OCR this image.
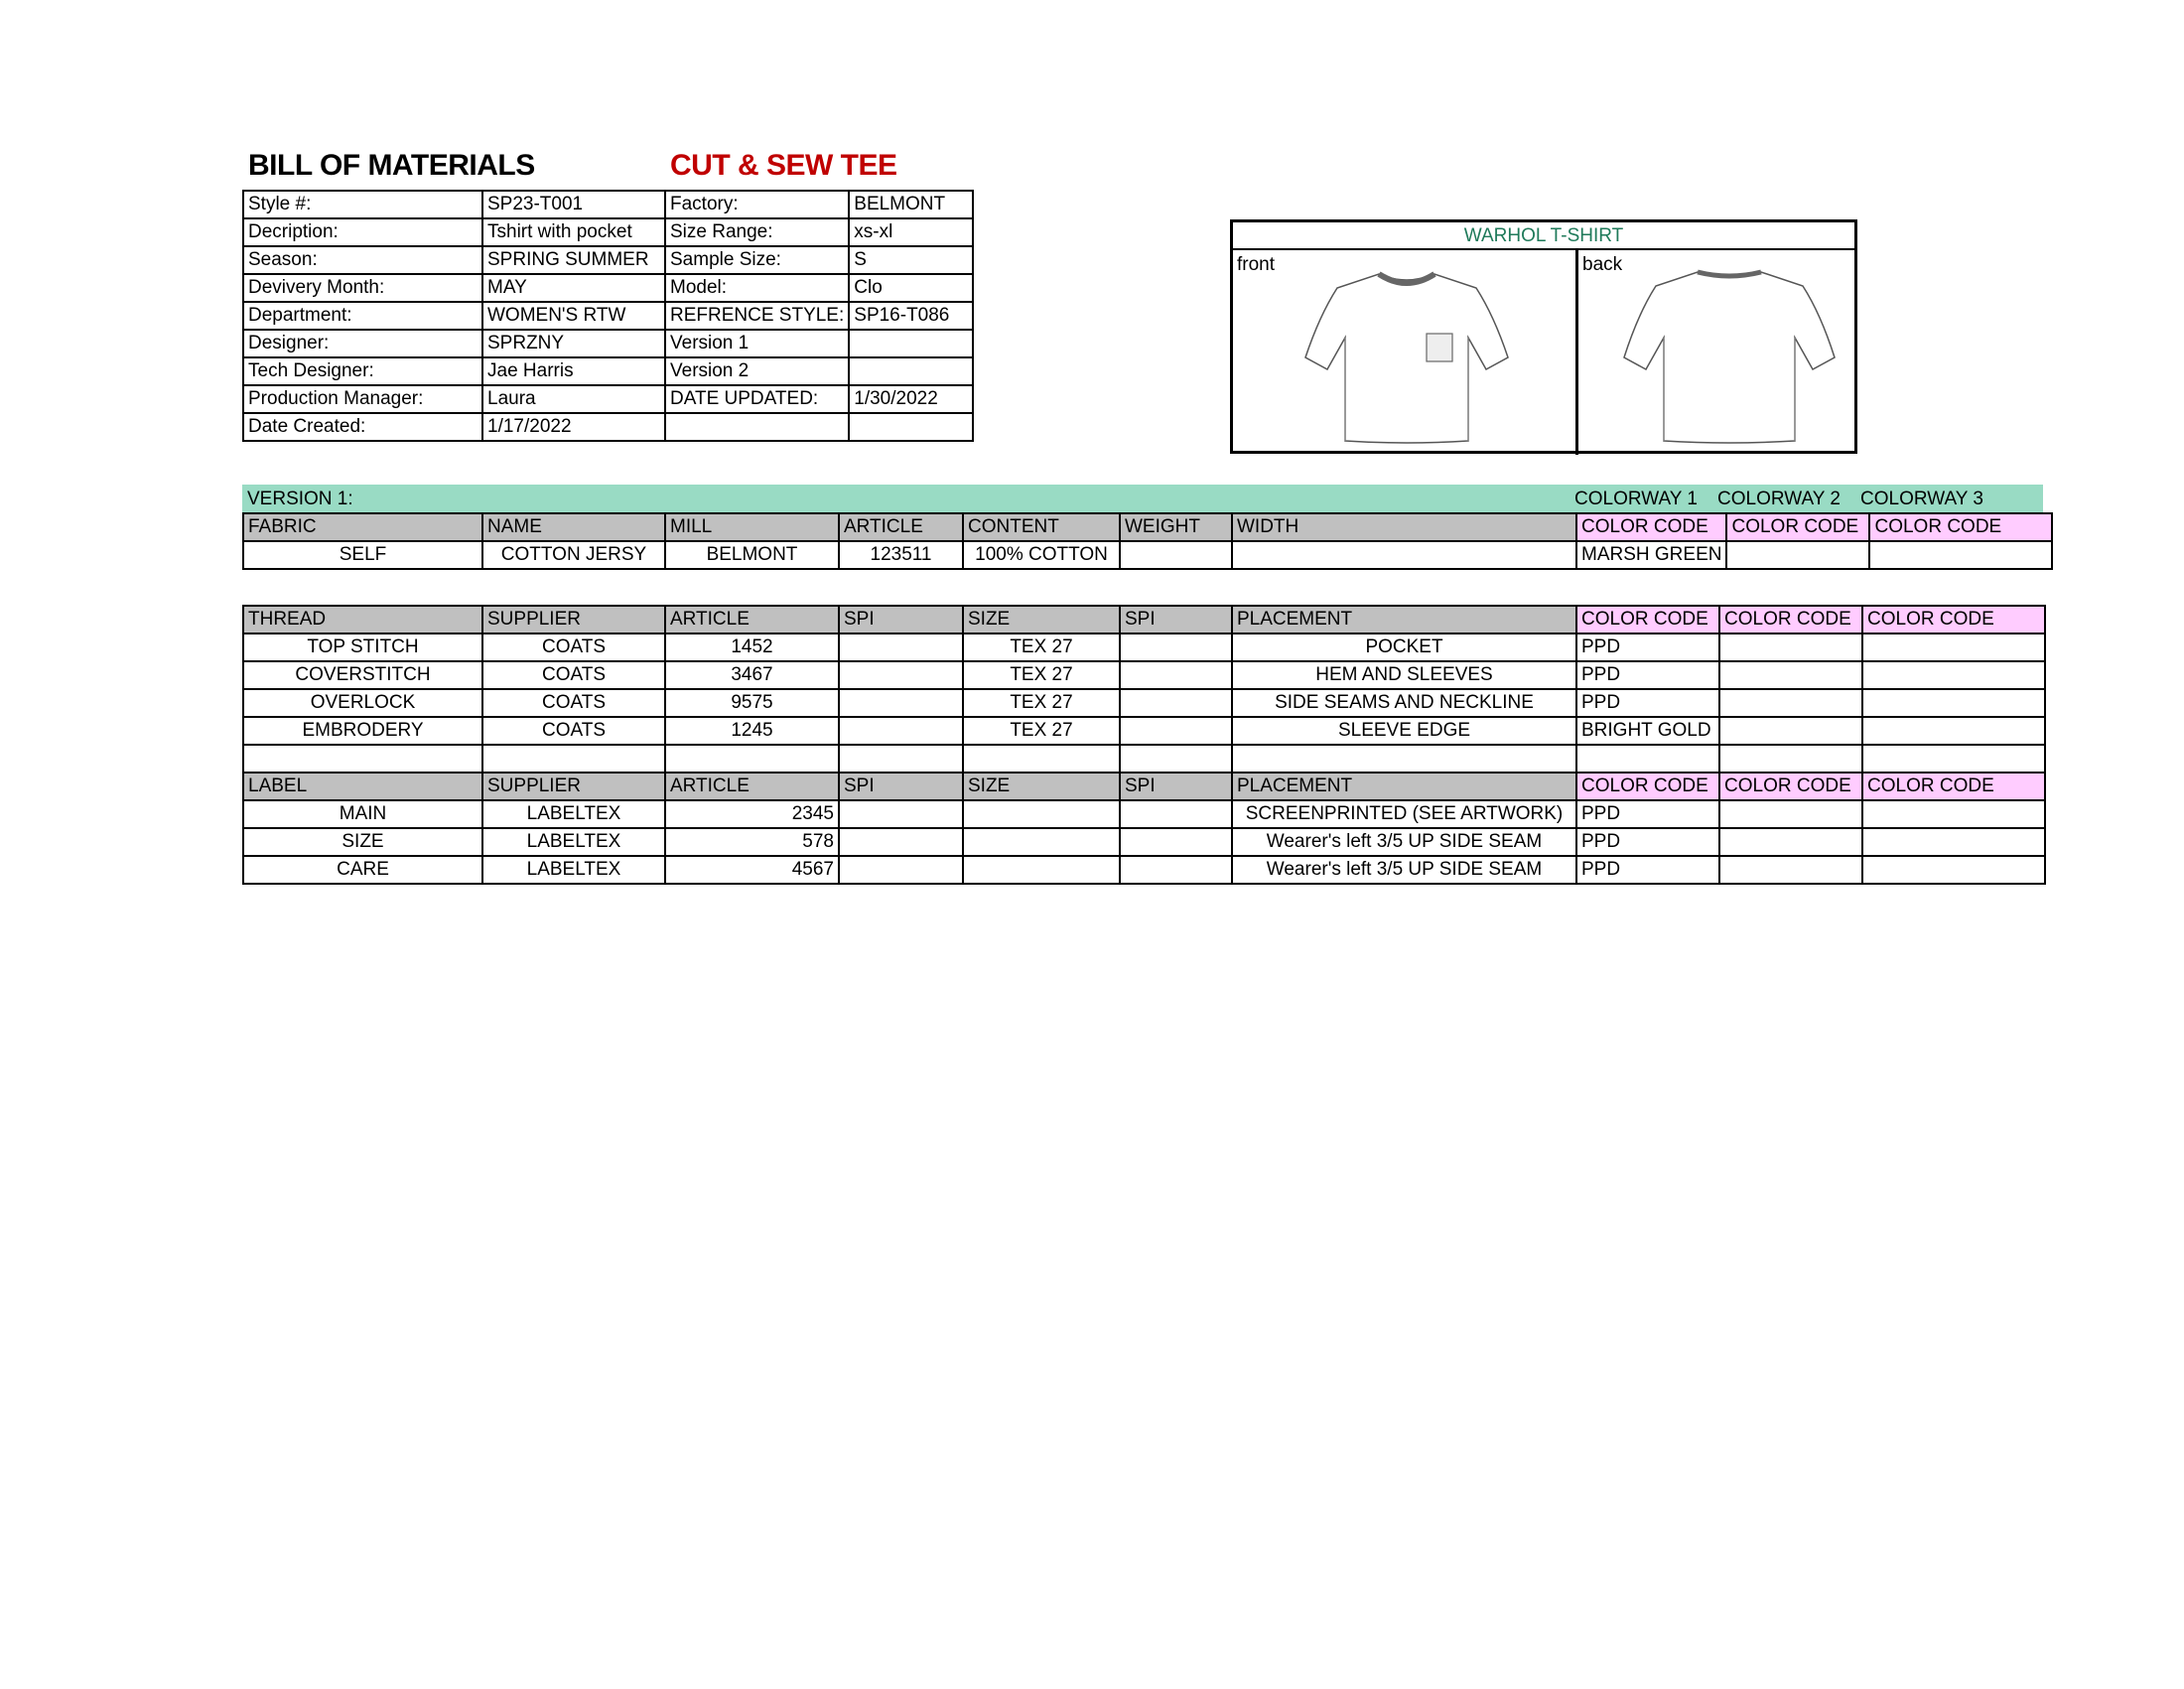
BILL OF MATERIALS	CUT & SEW TEE
Style #:	SP23-T001	Factory:	BELMONT
Decription:	Tshirt with pocket	Size Range:	xs-xl
Season:	SPRING SUMMER	Sample Size:	S
Devivery Month:	MAY	Model:	Clo
Department:	WOMEN'S RTW	REFRENCE STYLE:	SP16-T086
Designer:	SPRZNY	Version 1	
Tech Designer:	Jae Harris	Version 2	
Production Manager:	Laura	DATE UPDATED:	1/30/2022
Date Created:	1/17/2022		
WARHOL T-SHIRT
front	back
VERSION 1:	COLORWAY 1 COLORWAY 2 COLORWAY 3
FABRIC	NAME	MILL	ARTICLE	CONTENT	WEIGHT	WIDTH	COLOR CODE	COLOR CODE	COLOR CODE
SELF	COTTON JERSY	BELMONT	123511	100% COTTON			MARSH GREEN		
THREAD	SUPPLIER	ARTICLE	SPI	SIZE	SPI	PLACEMENT	COLOR CODE	COLOR CODE	COLOR CODE
TOP STITCH	COATS	1452		TEX 27		POCKET	PPD		
COVERSTITCH	COATS	3467		TEX 27		HEM AND SLEEVES	PPD		
OVERLOCK	COATS	9575		TEX 27		SIDE SEAMS AND NECKLINE	PPD		
EMBRODERY	COATS	1245		TEX 27		SLEEVE EDGE	BRIGHT GOLD		

LABEL	SUPPLIER	ARTICLE	SPI	SIZE	SPI	PLACEMENT	COLOR CODE	COLOR CODE	COLOR CODE
MAIN	LABELTEX	2345				SCREENPRINTED (SEE ARTWORK)	PPD		
SIZE	LABELTEX	578				Wearer's left 3/5 UP SIDE SEAM	PPD		
CARE	LABELTEX	4567				Wearer's left 3/5 UP SIDE SEAM	PPD		
